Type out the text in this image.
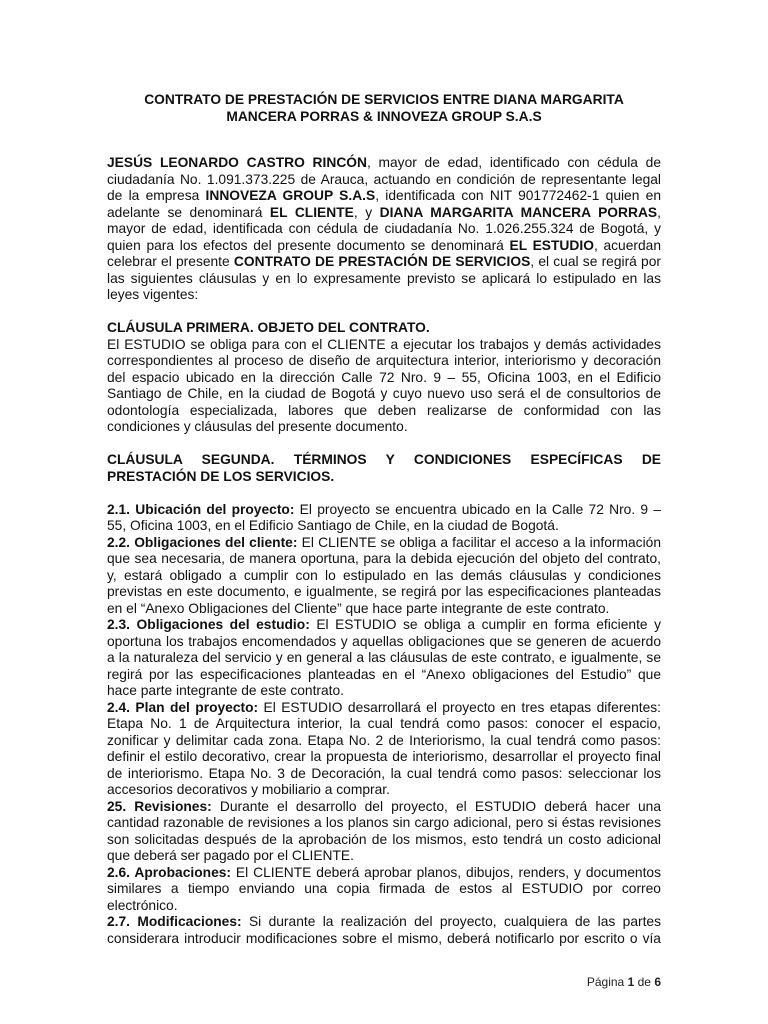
CONTRATO DE PRESTACIÓN DE SERVICIOS ENTRE DIANA MARGARITA
MANCERA PORRAS & INNOVEZA GROUP S.A.S

JESÚS LEONARDO CASTRO RINCÓN, mayor de edad, identificado con cédula de ciudadanía No. 1.091.373.225 de Arauca, actuando en condición de representante legal de la empresa INNOVEZA GROUP S.A.S, identificada con NIT 901772462-1 quien en adelante se denominará EL CLIENTE, y DIANA MARGARITA MANCERA PORRAS, mayor de edad, identificada con cédula de ciudadanía No. 1.026.255.324 de Bogotá, y quien para los efectos del presente documento se denominará EL ESTUDIO, acuerdan celebrar el presente CONTRATO DE PRESTACIÓN DE SERVICIOS, el cual se regirá por las siguientes cláusulas y en lo expresamente previsto se aplicará lo estipulado en las leyes vigentes:

CLÁUSULA PRIMERA. OBJETO DEL CONTRATO.

El ESTUDIO se obliga para con el CLIENTE a ejecutar los trabajos y demás actividades correspondientes al proceso de diseño de arquitectura interior, interiorismo y decoración del espacio ubicado en la dirección Calle 72 Nro. 9 – 55, Oficina 1003, en el Edificio Santiago de Chile, en la ciudad de Bogotá y cuyo nuevo uso será el de consultorios de odontología especializada, labores que deben realizarse de conformidad con las condiciones y cláusulas del presente documento.

CLÁUSULA SEGUNDA. TÉRMINOS Y CONDICIONES ESPECÍFICAS DE PRESTACIÓN DE LOS SERVICIOS.

2.1. Ubicación del proyecto: El proyecto se encuentra ubicado en la Calle 72 Nro. 9 – 55, Oficina 1003, en el Edificio Santiago de Chile, en la ciudad de Bogotá.

2.2. Obligaciones del cliente: El CLIENTE se obliga a facilitar el acceso a la información que sea necesaria, de manera oportuna, para la debida ejecución del objeto del contrato, y, estará obligado a cumplir con lo estipulado en las demás cláusulas y condiciones previstas en este documento, e igualmente, se regirá por las especificaciones planteadas en el “Anexo Obligaciones del Cliente” que hace parte integrante de este contrato.

2.3. Obligaciones del estudio: El ESTUDIO se obliga a cumplir en forma eficiente y oportuna los trabajos encomendados y aquellas obligaciones que se generen de acuerdo a la naturaleza del servicio y en general a las cláusulas de este contrato, e igualmente, se regirá por las especificaciones planteadas en el “Anexo obligaciones del Estudio” que hace parte integrante de este contrato.

2.4. Plan del proyecto: El ESTUDIO desarrollará el proyecto en tres etapas diferentes: Etapa No. 1 de Arquitectura interior, la cual tendrá como pasos: conocer el espacio, zonificar y delimitar cada zona. Etapa No. 2 de Interiorismo, la cual tendrá como pasos: definir el estilo decorativo, crear la propuesta de interiorismo, desarrollar el proyecto final de interiorismo. Etapa No. 3 de Decoración, la cual tendrá como pasos: seleccionar los accesorios decorativos y mobiliario a comprar.

25. Revisiones: Durante el desarrollo del proyecto, el ESTUDIO deberá hacer una cantidad razonable de revisiones a los planos sin cargo adicional, pero si éstas revisiones son solicitadas después de la aprobación de los mismos, esto tendrá un costo adicional que deberá ser pagado por el CLIENTE.

2.6. Aprobaciones: El CLIENTE deberá aprobar planos, dibujos, renders, y documentos similares a tiempo enviando una copia firmada de estos al ESTUDIO por correo electrónico.

2.7. Modificaciones: Si durante la realización del proyecto, cualquiera de las partes considerara introducir modificaciones sobre el mismo, deberá notificarlo por escrito o vía

Página 1 de 6
